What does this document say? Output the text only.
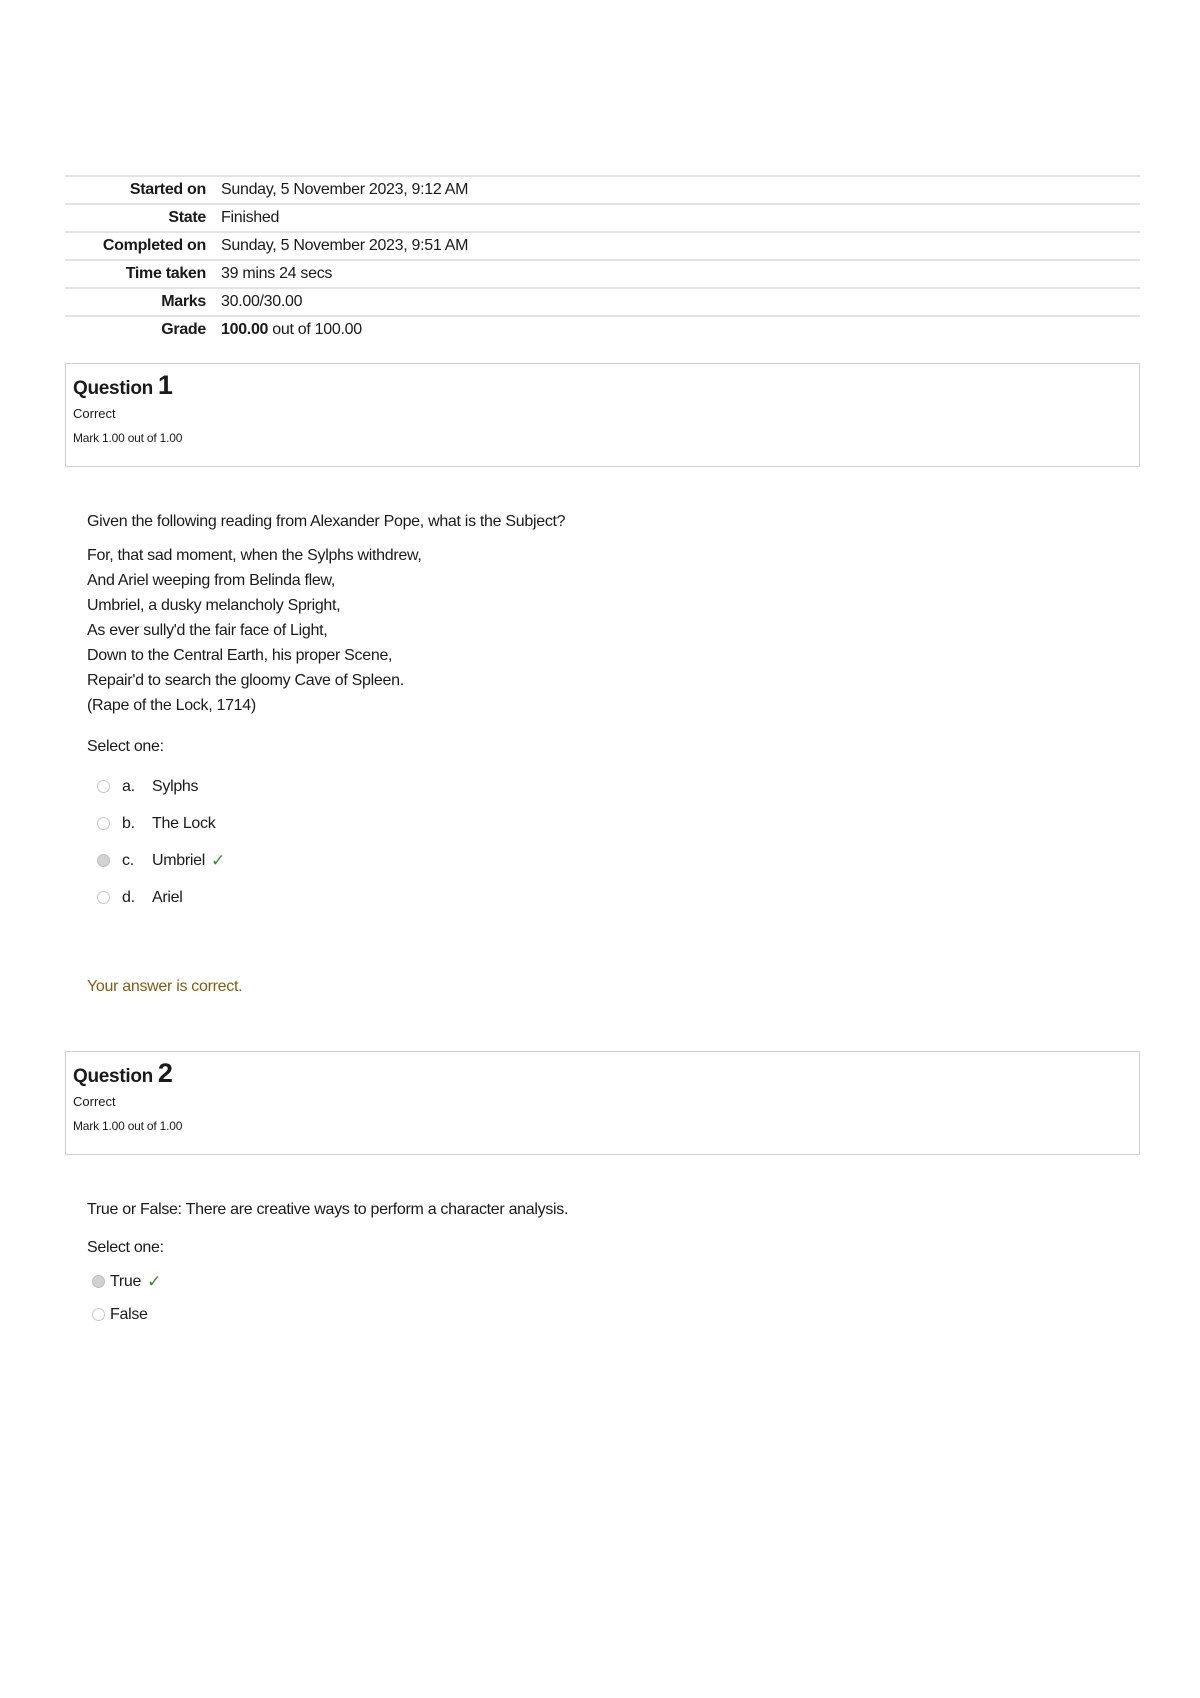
Started on Sunday, 5 November 2023, 9:12 AM
State Finished
Completed on Sunday, 5 November 2023, 9:51 AM
Time taken 39 mins 24 secs
Marks 30.00/30.00
Grade 100.00 out of 100.00
Question 1
Correct
Mark 1.00 out of 1.00
Given the following reading from Alexander Pope, what is the Subject?
For, that sad moment, when the Sylphs withdrew,
And Ariel weeping from Belinda flew,
Umbriel, a dusky melancholy Spright,
As ever sully'd the fair face of Light,
Down to the Central Earth, his proper Scene,
Repair'd to search the gloomy Cave of Spleen.
(Rape of the Lock, 1714)
Select one:
a.	Sylphs
b.	The Lock
c.	Umbriel ✓
d.	Ariel
Your answer is correct.
Question 2
Correct
Mark 1.00 out of 1.00
True or False: There are creative ways to perform a character analysis.
Select one:
True ✓
False
